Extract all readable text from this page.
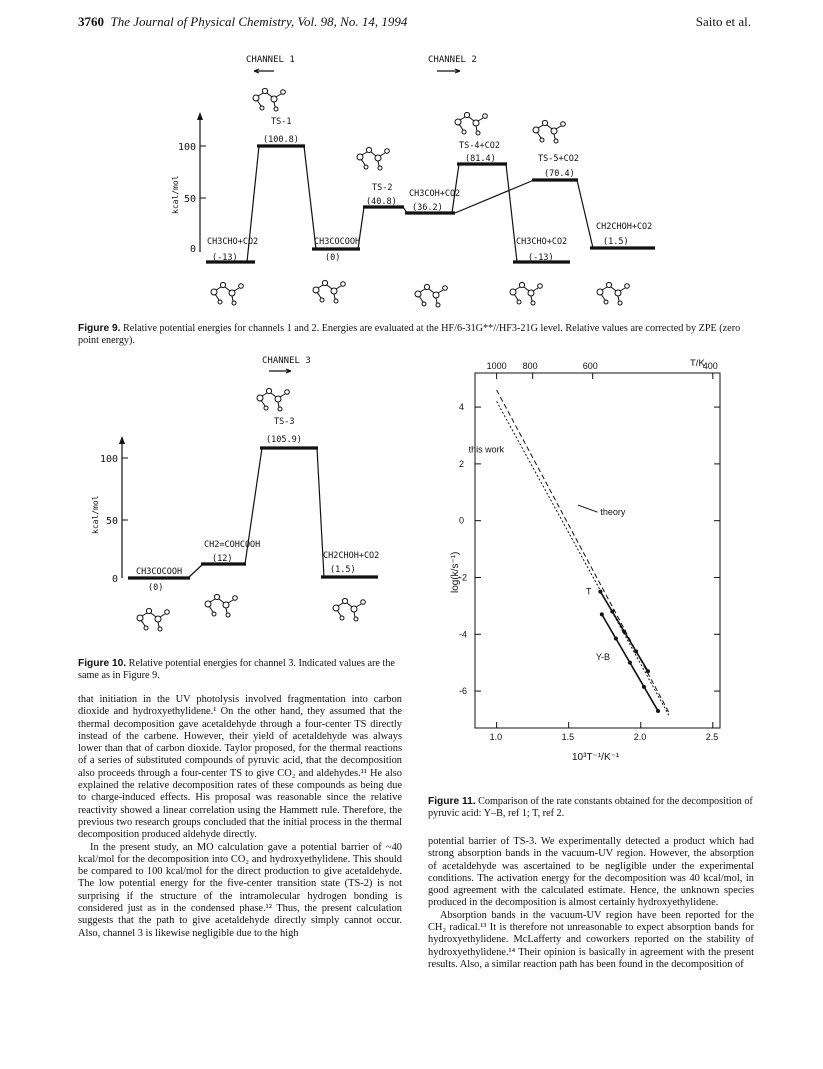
3760 The Journal of Physical Chemistry, Vol. 98, No. 14, 1994	Saito et al.
CHANNEL 1	CHANNEL 2
100
50
0
kcal/mol
CH3CHO+CO2
(-13)
TS-1
(100.8)
CH3COCOOH
(0)
TS-2
(40.8)
CH3COH+CO2
(36.2)
TS-4+CO2
(81.4)
CH3CHO+CO2
(-13)
TS-5+CO2
(70.4)
CH2CHOH+CO2
(1.5)
Figure 9. Relative potential energies for channels 1 and 2. Energies are evaluated at the HF/6-31G**//HF3-21G level. Relative values are corrected by ZPE (zero point energy).
CHANNEL 3
100
50
0
kcal/mol
CH3COCOOH
(0)
CH2=COHCOOH
(12)
TS-3
(105.9)
CH2CHOH+CO2
(1.5)
Figure 10. Relative potential energies for channel 3. Indicated values are the same as in Figure 9.
T/K
log(k/s⁻¹)
10³T⁻¹/K⁻¹
1.0	1.5	2.0	2.5
1000 800	600	400
4
2
0
-2
-4
-6
this work
theory
T
Y-B
Figure 11. Comparison of the rate constants obtained for the decomposition of pyruvic acid: Y–B, ref 1; T, ref 2.

that initiation in the UV photolysis involved fragmentation into carbon dioxide and hydroxyethylidene.¹ On the other hand, they assumed that the thermal decomposition gave acetaldehyde through a four-center TS directly instead of the carbene. However, their yield of acetaldehyde was always lower than that of carbon dioxide. Taylor proposed, for the thermal reactions of a series of substituted compounds of pyruvic acid, that the decomposition also proceeds through a four-center TS to give CO₂ and aldehydes.¹¹ He also explained the relative decomposition rates of these compounds as being due to charge-induced effects. His proposal was reasonable since the relative reactivity showed a linear correlation using the Hammett rule. Therefore, the previous two research groups concluded that the initial process in the thermal decomposition produced aldehyde directly.

In the present study, an MO calculation gave a potential barrier of ~40 kcal/mol for the decomposition into CO₂ and hydroxyethylidene. This should be compared to 100 kcal/mol for the direct production to give acetaldehyde. The low potential energy for the five-center transition state (TS-2) is not surprising if the structure of the intramolecular hydrogen bonding is considered just as in the condensed phase.¹² Thus, the present calculation suggests that the path to give acetaldehyde directly simply cannot occur. Also, channel 3 is likewise negligible due to the high

potential barrier of TS-3. We experimentally detected a product which had strong absorption bands in the vacuum-UV region. However, the absorption of acetaldehyde was ascertained to be negligible under the experimental conditions. The activation energy for the decomposition was 40 kcal/mol, in good agreement with the calculated estimate. Hence, the unknown species produced in the decomposition is almost certainly hydroxyethylidene.

Absorption bands in the vacuum-UV region have been reported for the CH₂ radical.¹³ It is therefore not unreasonable to expect absorption bands for hydroxyethylidene. McLafferty and coworkers reported on the stability of hydroxyethylidene.¹⁴ Their opinion is basically in agreement with the present results. Also, a similar reaction path has been found in the decomposition of
